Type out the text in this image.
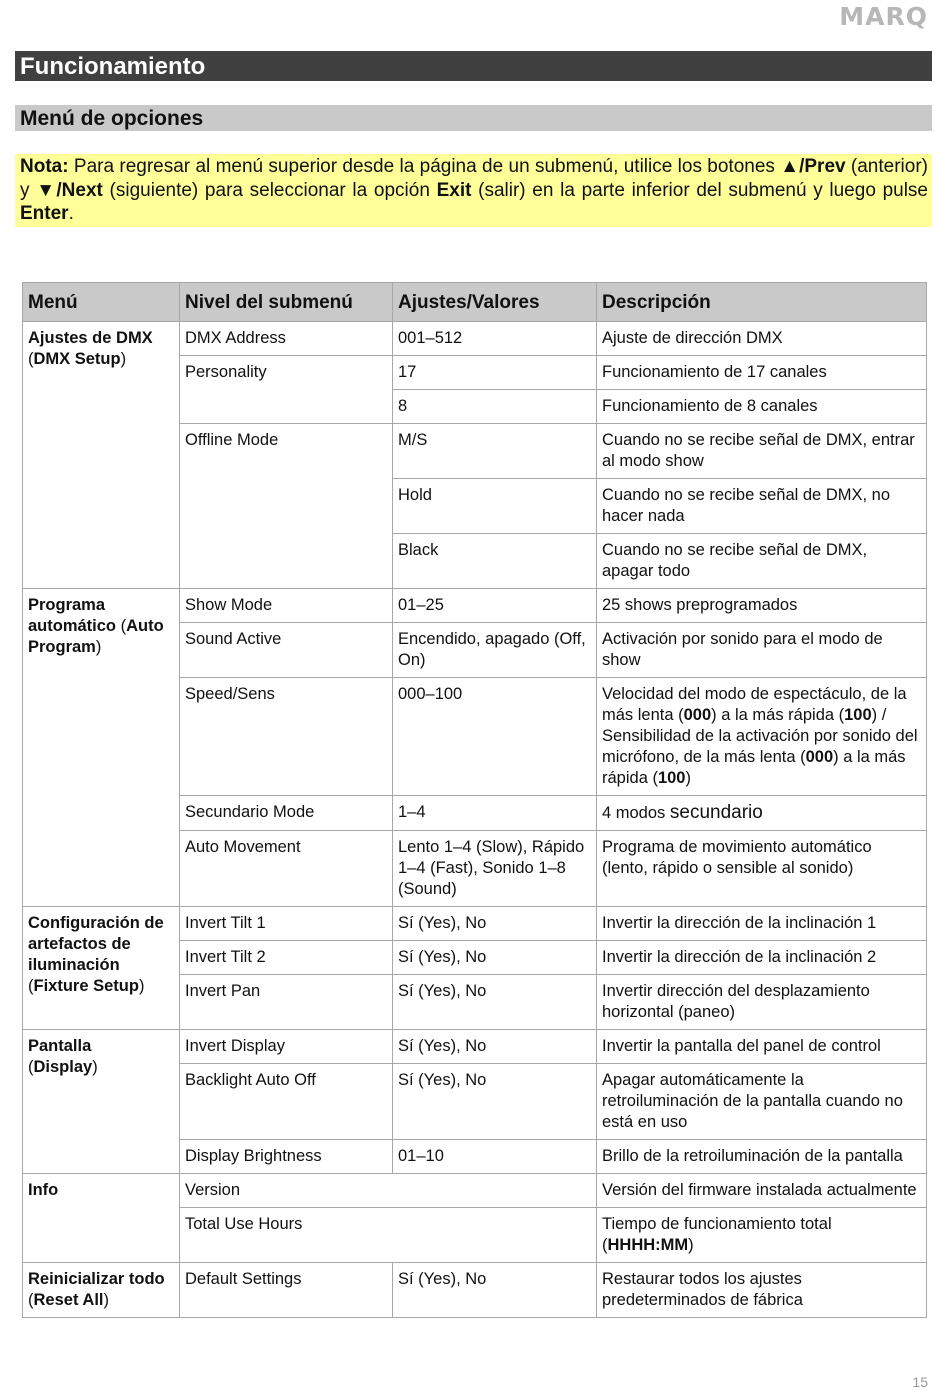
MARQ
Funcionamiento
Menú de opciones
Nota: Para regresar al menú superior desde la página de un submenú, utilice los botones ▲/Prev (anterior) y ▼/Next (siguiente) para seleccionar la opción Exit (salir) en la parte inferior del submenú y luego pulse Enter.
Menú	Nivel del submenú	Ajustes/Valores	Descripción
Ajustes de DMX (DMX Setup)	DMX Address	001–512	Ajuste de dirección DMX
	Personality	17	Funcionamiento de 17 canales
		8	Funcionamiento de 8 canales
	Offline Mode	M/S	Cuando no se recibe señal de DMX, entrar al modo show
		Hold	Cuando no se recibe señal de DMX, no hacer nada
		Black	Cuando no se recibe señal de DMX, apagar todo
Programa automático (Auto Program)	Show Mode	01–25	25 shows preprogramados
	Sound Active	Encendido, apagado (Off, On)	Activación por sonido para el modo de show
	Speed/Sens	000–100	Velocidad del modo de espectáculo, de la más lenta (000) a la más rápida (100) / Sensibilidad de la activación por sonido del micrófono, de la más lenta (000) a la más rápida (100)
	Secundario Mode	1–4	4 modos secundario
	Auto Movement	Lento 1–4 (Slow), Rápido 1–4 (Fast), Sonido 1–8 (Sound)	Programa de movimiento automático (lento, rápido o sensible al sonido)
Configuración de artefactos de iluminación (Fixture Setup)	Invert Tilt 1	Sí (Yes), No	Invertir la dirección de la inclinación 1
	Invert Tilt 2	Sí (Yes), No	Invertir la dirección de la inclinación 2
	Invert Pan	Sí (Yes), No	Invertir dirección del desplazamiento horizontal (paneo)
Pantalla
(Display)	Invert Display	Sí (Yes), No	Invertir la pantalla del panel de control
	Backlight Auto Off	Sí (Yes), No	Apagar automáticamente la retroiluminación de la pantalla cuando no está en uso
	Display Brightness	01–10	Brillo de la retroiluminación de la pantalla
Info	Version		Versión del firmware instalada actualmente
	Total Use Hours		Tiempo de funcionamiento total (HHHH:MM)
Reinicializar todo (Reset All)	Default Settings	Sí (Yes), No	Restaurar todos los ajustes predeterminados de fábrica
15
